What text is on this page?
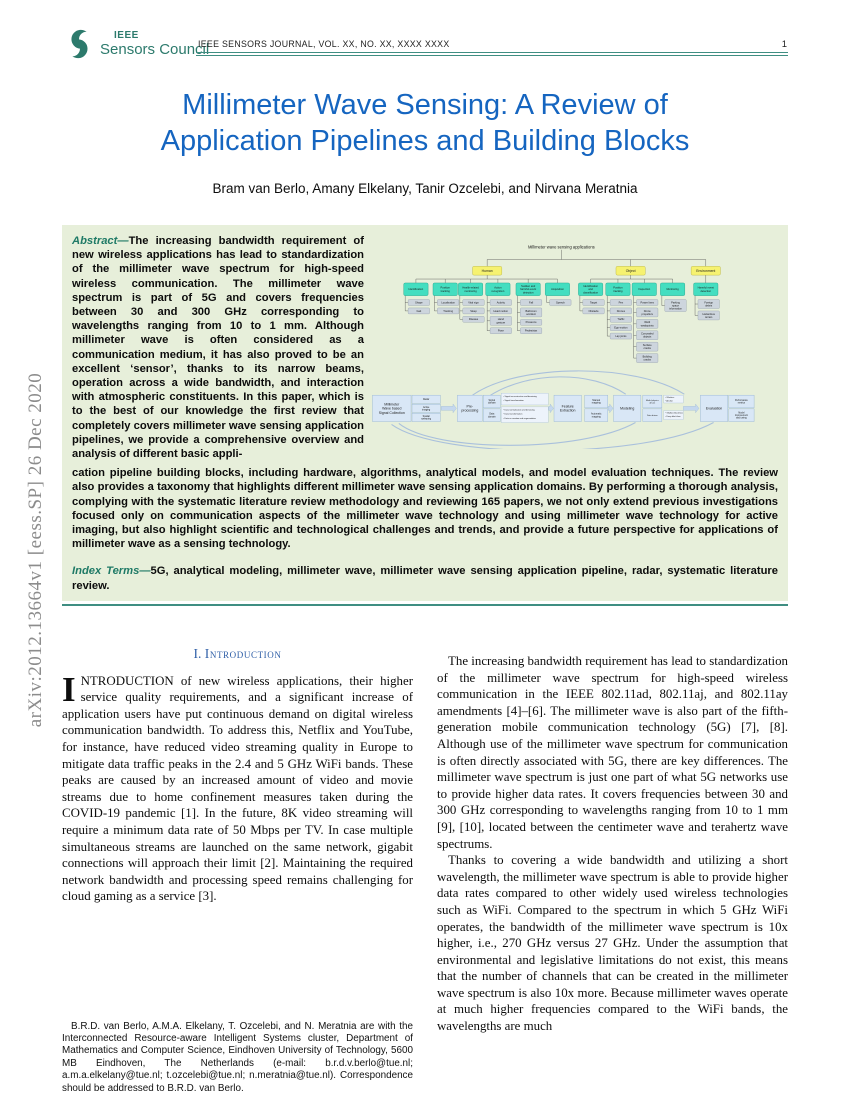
arXiv:2012.13664v1 [eess.SP] 26 Dec 2020
IEEE
Sensors Council
IEEE SENSORS JOURNAL, VOL. XX, NO. XX, XXXX XXXX	1
Millimeter Wave Sensing: A Review of
Application Pipelines and Building Blocks
Bram van Berlo, Amany Elkelany, Tanir Ozcelebi, and Nirvana Meratnia
Abstract—The increasing bandwidth requirement of new wireless applications has lead to standardization of the millimeter wave spectrum for high-speed wireless communication. The millimeter wave spectrum is part of 5G and covers frequencies between 30 and 300 GHz corresponding to wavelengths ranging from 10 to 1 mm. Although millimeter wave is often considered as a communication medium, it has also proved to be an excellent ‘sensor’, thanks to its narrow beams, operation across a wide bandwidth, and interaction with atmospheric constituents. In this paper, which is to the best of our knowledge the first review that completely covers millimeter wave sensing application pipelines, we provide a comprehensive overview and analysis of different basic appli-
Millimeter wave sensing applications
Human
Identification
Shape
Gait
Position tracking
Localization
Tracking
Health-related monitoring
Vital sign
Sleep
Disease
Action recognition
Activity
Head motion
Hand gesture
Pose
Sudden and harmful event detection
Fall
Bathroom accident
Presence
Pedestrian
Acquisition
Speech
Object
Identification and classification
Target
Obstacle
Position tracking
Pen
Drones
Traffic
Ego-motion
Lap joints
Inspection
Power lines
Drone propellers
Weld weakpoints
Concealed objects
Surface cracks
Building cracks
Monitoring
Parking space information
Environment
Harmful event detection
Foreign debris
Hazardous terrain
Millimeter Wave based Signal Collection
Pre-processing
Feature Extraction
Modeling	Evaluation
Radar
Active imaging
Spatial sweeping
Signal domain
Data domain
• Signal reconstruction and denoising
• Signal transformation
• Data normalization and denoising
• Data transformation
• Data re-creation and augmentation
Manual mapping
Automatic mapping
Math./physics driven
Data driven
• Wireless
• Anchor
• Shallow black box
• Deep black box
Performance metrics
Model improvement and tuning
cation pipeline building blocks, including hardware, algorithms, analytical models, and model evaluation techniques. The review also provides a taxonomy that highlights different millimeter wave sensing application domains. By performing a thorough analysis, complying with the systematic literature review methodology and reviewing 165 papers, we not only extend previous investigations focused only on communication aspects of the millimeter wave technology and using millimeter wave technology for active imaging, but also highlight scientific and technological challenges and trends, and provide a future perspective for applications of millimeter wave as a sensing technology.
Index Terms—5G, analytical modeling, millimeter wave, millimeter wave sensing application pipeline, radar, systematic literature review.
I. Introduction

INTRODUCTION of new wireless applications, their higher service quality requirements, and a significant increase of application users have put continuous demand on digital wireless communication bandwidth. To address this, Netflix and YouTube, for instance, have reduced video streaming quality in Europe to mitigate data traffic peaks in the 2.4 and 5 GHz WiFi bands. These peaks are caused by an increased amount of video and movie streams due to home confinement measures taken during the COVID-19 pandemic [1]. In the future, 8K video streaming will require a minimum data rate of 50 Mbps per TV. In case multiple simultaneous streams are launched on the same network, gigabit connections will approach their limit [2]. Maintaining the required network bandwidth and processing speed remains challenging for cloud gaming as a service [3].

B.R.D. van Berlo, A.M.A. Elkelany, T. Ozcelebi, and N. Meratnia are with the Interconnected Resource-aware Intelligent Systems cluster, Department of Mathematics and Computer Science, Eindhoven University of Technology, 5600 MB Eindhoven, The Netherlands (e-mail: b.r.d.v.berlo@tue.nl; a.m.a.elkelany@tue.nl; t.ozcelebi@tue.nl; n.meratnia@tue.nl). Correspondence should be addressed to B.R.D. van Berlo.

The increasing bandwidth requirement has lead to standardization of the millimeter wave spectrum for high-speed wireless communication in the IEEE 802.11ad, 802.11aj, and 802.11ay amendments [4]–[6]. The millimeter wave is also part of the fifth-generation mobile communication technology (5G) [7], [8]. Although use of the millimeter wave spectrum for communication is often directly associated with 5G, there are key differences. The millimeter wave spectrum is just one part of what 5G networks use to provide higher data rates. It covers frequencies between 30 and 300 GHz corresponding to wavelengths ranging from 10 to 1 mm [9], [10], located between the centimeter wave and terahertz wave spectrums.

Thanks to covering a wide bandwidth and utilizing a short wavelength, the millimeter wave spectrum is able to provide higher data rates compared to other widely used wireless technologies such as WiFi. Compared to the spectrum in which 5 GHz WiFi operates, the bandwidth of the millimeter wave spectrum is 10x higher, i.e., 270 GHz versus 27 GHz. Under the assumption that environmental and legislative limitations do not exist, this means that the number of channels that can be created in the millimeter wave spectrum is also 10x more. Because millimeter waves operate at much higher frequencies compared to the WiFi bands, the wavelengths are much
